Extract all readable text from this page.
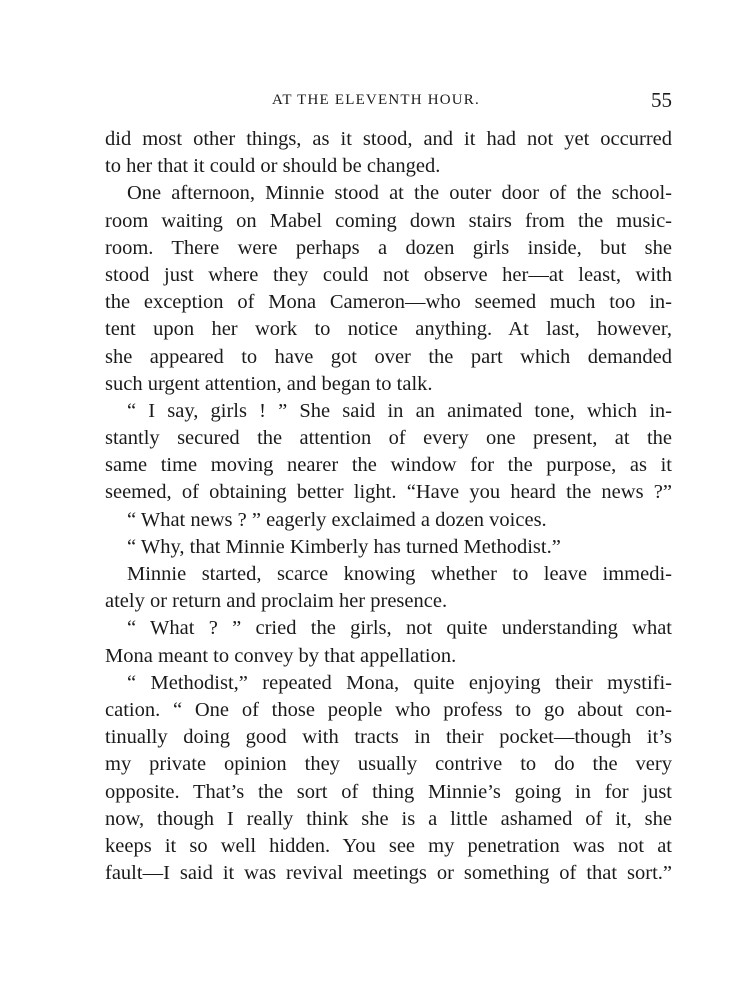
AT THE ELEVENTH HOUR.	55
did most other things, as it stood, and it had not yet occurred
to her that it could or should be changed.
One afternoon, Minnie stood at the outer door of the school-
room waiting on Mabel coming down stairs from the music-
room. There were perhaps a dozen girls inside, but she
stood just where they could not observe her—at least, with
the exception of Mona Cameron—who seemed much too in-
tent upon her work to notice anything. At last, however,
she appeared to have got over the part which demanded
such urgent attention, and began to talk.
“ I say, girls ! ” She said in an animated tone, which in-
stantly secured the attention of every one present, at the
same time moving nearer the window for the purpose, as it
seemed, of obtaining better light. “Have you heard the news ?”
“ What news ? ” eagerly exclaimed a dozen voices.
“ Why, that Minnie Kimberly has turned Methodist.”
Minnie started, scarce knowing whether to leave immedi-
ately or return and proclaim her presence.
“ What ? ” cried the girls, not quite understanding what
Mona meant to convey by that appellation.
“ Methodist,” repeated Mona, quite enjoying their mystifi-
cation. “ One of those people who profess to go about con-
tinually doing good with tracts in their pocket—though it’s
my private opinion they usually contrive to do the very
opposite. That’s the sort of thing Minnie’s going in for just
now, though I really think she is a little ashamed of it, she
keeps it so well hidden. You see my penetration was not at
fault—I said it was revival meetings or something of that sort.”
